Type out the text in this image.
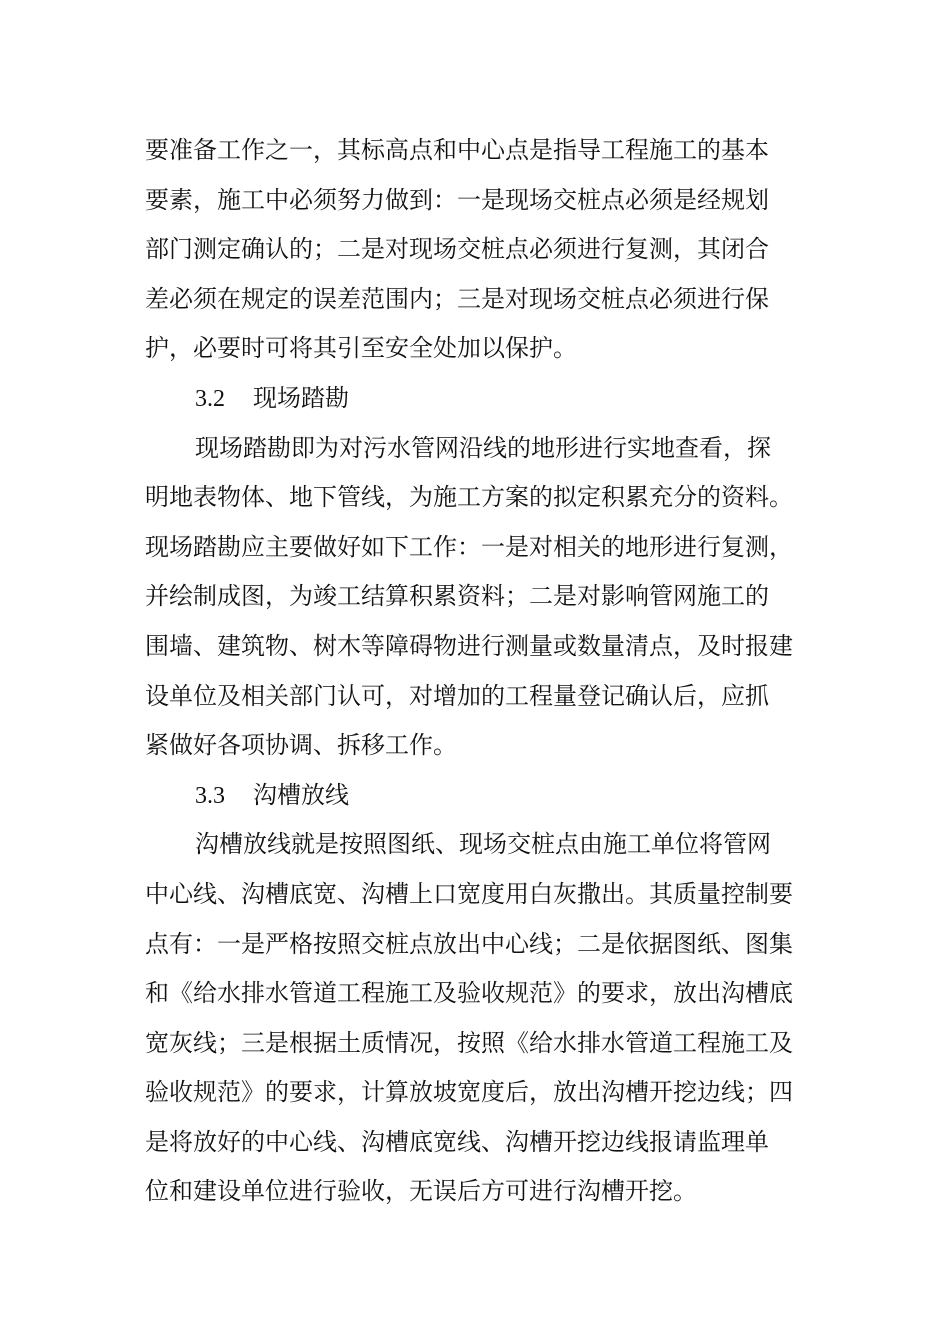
要准备工作之一，其标高点和中心点是指导工程施工的基本
要素，施工中必须努力做到：一是现场交桩点必须是经规划
部门测定确认的；二是对现场交桩点必须进行复测，其闭合
差必须在规定的误差范围内；三是对现场交桩点必须进行保
护，必要时可将其引至安全处加以保护。
3.2 现场踏勘
现场踏勘即为对污水管网沿线的地形进行实地查看，探
明地表物体、地下管线，为施工方案的拟定积累充分的资料。
现场踏勘应主要做好如下工作：一是对相关的地形进行复测，
并绘制成图，为竣工结算积累资料；二是对影响管网施工的
围墙、建筑物、树木等障碍物进行测量或数量清点，及时报建
设单位及相关部门认可，对增加的工程量登记确认后，应抓
紧做好各项协调、拆移工作。
3.3 沟槽放线
沟槽放线就是按照图纸、现场交桩点由施工单位将管网
中心线、沟槽底宽、沟槽上口宽度用白灰撒出。其质量控制要
点有：一是严格按照交桩点放出中心线；二是依据图纸、图集
和《给水排水管道工程施工及验收规范》的要求，放出沟槽底
宽灰线；三是根据土质情况，按照《给水排水管道工程施工及
验收规范》的要求，计算放坡宽度后，放出沟槽开挖边线；四
是将放好的中心线、沟槽底宽线、沟槽开挖边线报请监理单
位和建设单位进行验收，无误后方可进行沟槽开挖。
